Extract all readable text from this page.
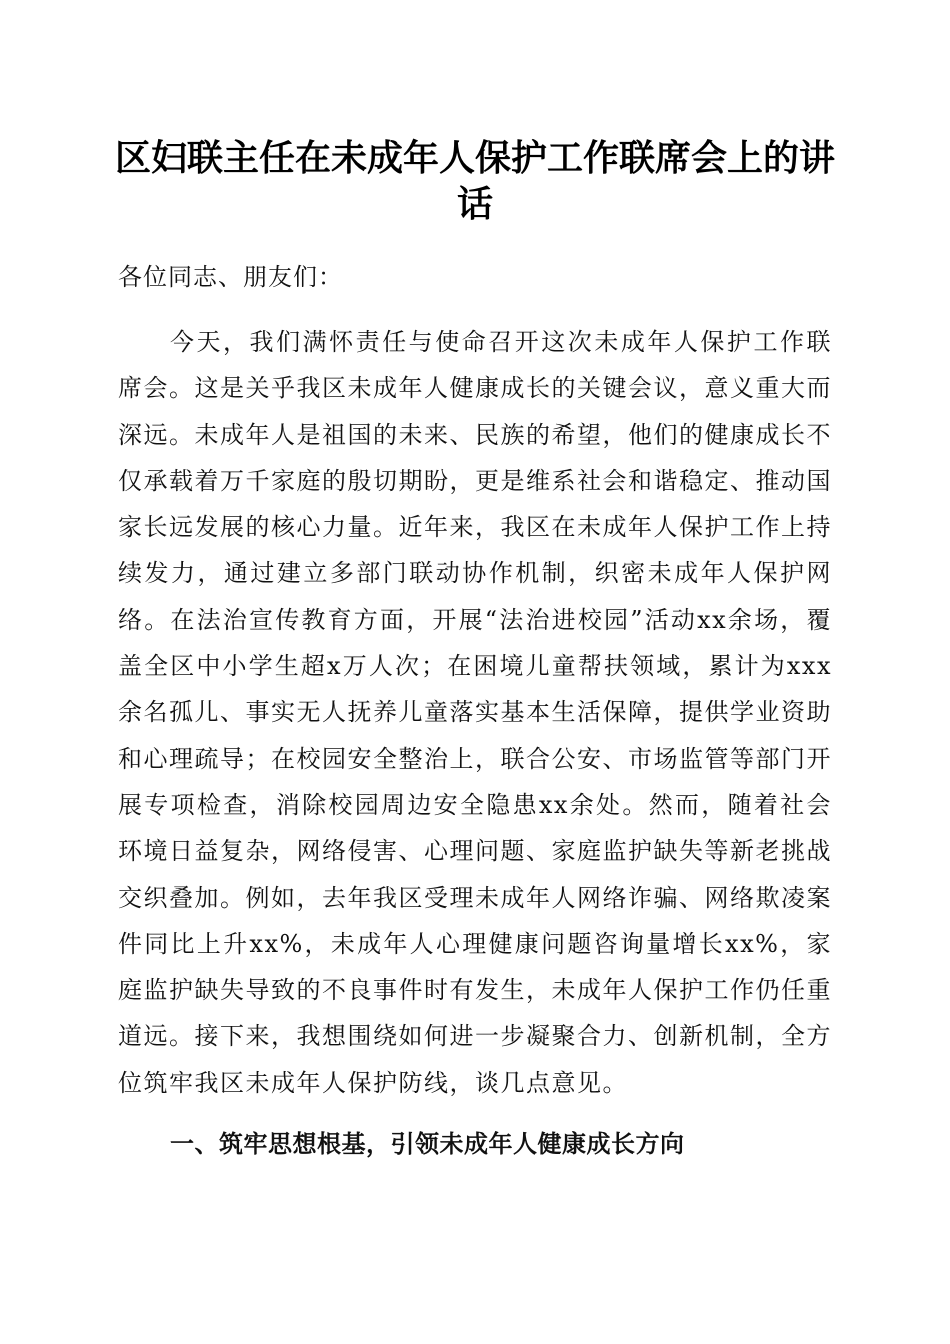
区妇联主任在未成年人保护工作联席会上的讲话

各位同志、朋友们：

今天，我们满怀责任与使命召开这次未成年人保护工作联席会。这是关乎我区未成年人健康成长的关键会议，意义重大而深远。未成年人是祖国的未来、民族的希望，他们的健康成长不仅承载着万千家庭的殷切期盼，更是维系社会和谐稳定、推动国家长远发展的核心力量。近年来，我区在未成年人保护工作上持续发力，通过建立多部门联动协作机制，织密未成年人保护网络。在法治宣传教育方面，开展“法治进校园”活动xx余场，覆盖全区中小学生超x万人次；在困境儿童帮扶领域，累计为xxx余名孤儿、事实无人抚养儿童落实基本生活保障，提供学业资助和心理疏导；在校园安全整治上，联合公安、市场监管等部门开展专项检查，消除校园周边安全隐患xx余处。然而，随着社会环境日益复杂，网络侵害、心理问题、家庭监护缺失等新老挑战交织叠加。例如，去年我区受理未成年人网络诈骗、网络欺凌案件同比上升xx%，未成年人心理健康问题咨询量增长xx%，家庭监护缺失导致的不良事件时有发生，未成年人保护工作仍任重道远。接下来，我想围绕如何进一步凝聚合力、创新机制，全方位筑牢我区未成年人保护防线，谈几点意见。

一、筑牢思想根基，引领未成年人健康成长方向
